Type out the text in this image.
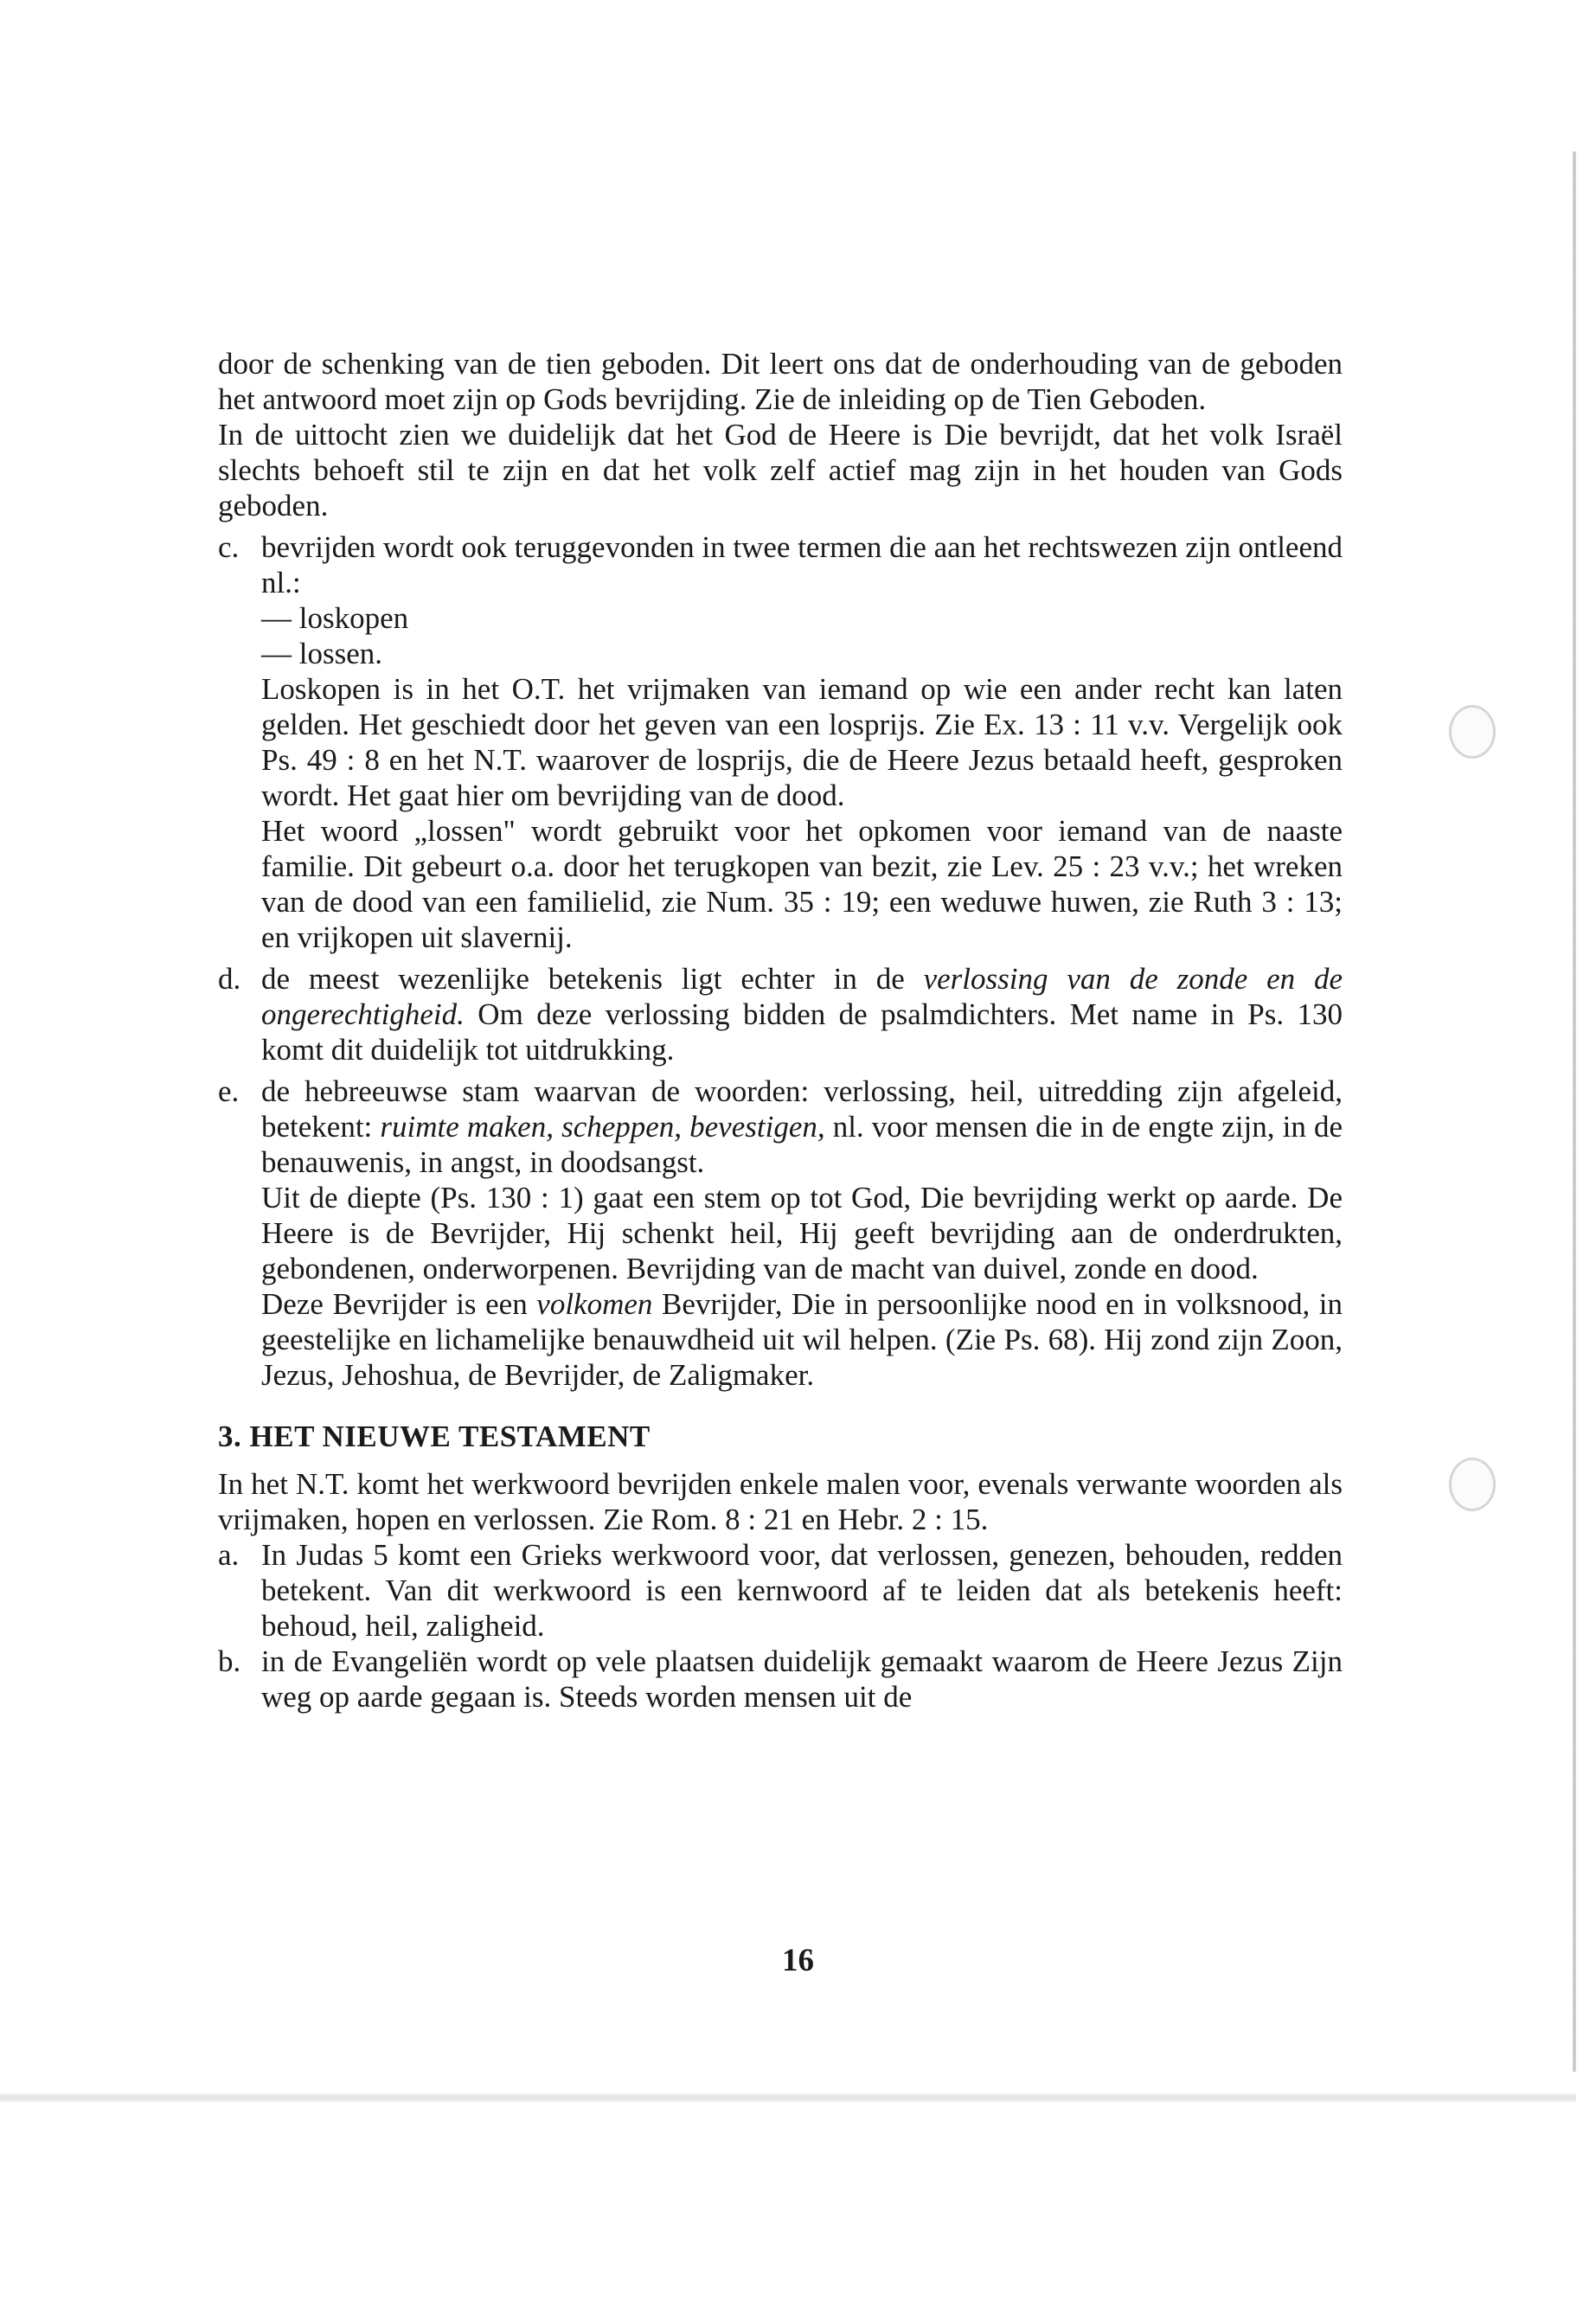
door de schenking van de tien geboden. Dit leert ons dat de onderhouding van de geboden het antwoord moet zijn op Gods bevrijding. Zie de inleiding op de Tien Geboden.

In de uittocht zien we duidelijk dat het God de Heere is Die bevrijdt, dat het volk Israël slechts behoeft stil te zijn en dat het volk zelf actief mag zijn in het houden van Gods geboden.

c. bevrijden wordt ook teruggevonden in twee termen die aan het rechtswezen zijn ontleend nl.:

— loskopen

— lossen.

Loskopen is in het O.T. het vrijmaken van iemand op wie een ander recht kan laten gelden. Het geschiedt door het geven van een losprijs. Zie Ex. 13 : 11 v.v. Vergelijk ook Ps. 49 : 8 en het N.T. waarover de losprijs, die de Heere Jezus betaald heeft, gesproken wordt. Het gaat hier om bevrijding van de dood.

Het woord „lossen" wordt gebruikt voor het opkomen voor iemand van de naaste familie. Dit gebeurt o.a. door het terugkopen van bezit, zie Lev. 25 : 23 v.v.; het wreken van de dood van een familielid, zie Num. 35 : 19; een weduwe huwen, zie Ruth 3 : 13; en vrijkopen uit slavernij.

d. de meest wezenlijke betekenis ligt echter in de verlossing van de zonde en de ongerechtigheid. Om deze verlossing bidden de psalmdichters. Met name in Ps. 130 komt dit duidelijk tot uitdrukking.
e. de hebreeuwse stam waarvan de woorden: verlossing, heil, uitredding zijn afgeleid, betekent: ruimte maken, scheppen, bevestigen, nl. voor mensen die in de engte zijn, in de benauwenis, in angst, in doodsangst.

Uit de diepte (Ps. 130 : 1) gaat een stem op tot God, Die bevrijding werkt op aarde. De Heere is de Bevrijder, Hij schenkt heil, Hij geeft bevrijding aan de onderdrukten, gebondenen, onderworpenen. Bevrijding van de macht van duivel, zonde en dood.

Deze Bevrijder is een volkomen Bevrijder, Die in persoonlijke nood en in volksnood, in geestelijke en lichamelijke benauwdheid uit wil helpen. (Zie Ps. 68). Hij zond zijn Zoon, Jezus, Jehoshua, de Bevrijder, de Zaligmaker.

3. HET NIEUWE TESTAMENT

In het N.T. komt het werkwoord bevrijden enkele malen voor, evenals verwante woorden als vrijmaken, hopen en verlossen. Zie Rom. 8 : 21 en Hebr. 2 : 15.

a. In Judas 5 komt een Grieks werkwoord voor, dat verlossen, genezen, behouden, redden betekent. Van dit werkwoord is een kernwoord af te leiden dat als betekenis heeft: behoud, heil, zaligheid.
b. in de Evangeliën wordt op vele plaatsen duidelijk gemaakt waarom de Heere Jezus Zijn weg op aarde gegaan is. Steeds worden mensen uit de
16
